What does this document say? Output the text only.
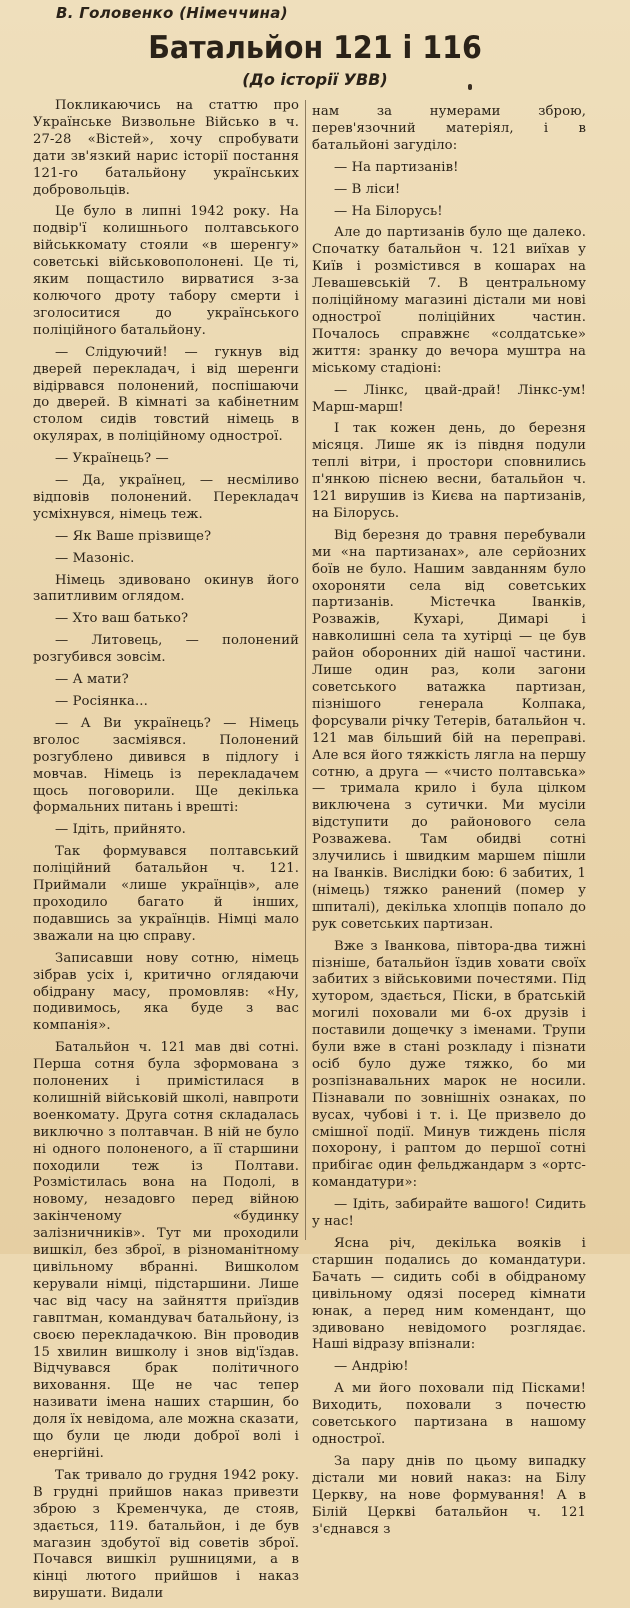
В. Головенко (Німеччина)
Батальйон 121 і 116
(До історії УВВ)

Покликаючись на статтю про Українське Визвольне Військо в ч. 27-28 «Вістей», хочу спробувати дати зв'язкий нарис історії постання 121-го батальйону українських добровольців.

Це було в липні 1942 року. На подвір'ї колишнього полтавського військкомату стояли «в шеренгу» советські військовополонені. Це ті, яким пощастило вирватися з-за колючого дроту табору смерти і зголоситися до українського поліційного батальйону.

— Слідуючий! — гукнув від дверей перекладач, і від шеренги відірвався полонений, поспішаючи до дверей. В кімнаті за кабінетним столом сидів товстий німець в окулярах, в поліційному однострої.

— Українець? —

— Да, українец, — несміливо відповів полонений. Перекладач усміхнувся, німець теж.

— Як Ваше прізвище?

— Мазоніс.

Німець здивовано окинув його запитливим оглядом.

— Хто ваш батько?

— Литовець, — полонений розгубився зовсім.

— А мати?

— Росіянка...

— А Ви українець? — Німець вголос засміявся. Полонений розгублено дивився в підлогу і мовчав. Німець із перекладачем щось поговорили. Ще декілька формальних питань і врешті:

— Ідіть, прийнято.

Так формувався полтавський поліційний батальйон ч. 121. Приймали «лише українців», але проходило багато й інших, подавшись за українців. Німці мало зважали на цю справу.

Записавши нову сотню, німець зібрав усіх і, критично оглядаючи обідрану масу, промовляв: «Ну, подивимось, яка буде з вас компанія».

Батальйон ч. 121 мав дві сотні. Перша сотня була зформована з полонених і примістилася в колишній військовій школі, навпроти военкомату. Друга сотня складалась виключно з полтавчан. В ній не було ні одного полоненого, а її старшини походили теж із Полтави. Розмістилась вона на Подолі, в новому, незадовго перед війною закінченому «будинку залізничників». Тут ми проходили вишкіл, без зброї, в різноманітному цивільному вбранні. Вишколом керували німці, підстаршини. Лише час від часу на зайняття приїздив гавптман, командувач батальйону, із своєю перекладачкою. Він проводив 15 хвилин вишколу і знов від'їздав. Відчувався брак політичного виховання. Ще не час тепер називати імена наших старшин, бо доля їх невідома, але можна сказати, що були це люди доброї волі і енергійні.

Так тривало до грудня 1942 року. В грудні прийшов наказ привезти зброю з Кременчука, де стояв, здається, 119. батальйон, і де був магазин здобутої від советів зброї. Почався вишкіл рушницями, а в кінці лютого прийшов і наказ вирушати. Видали

нам за нумерами зброю, перев'язочний матеріял, і в батальйоні загуділо:

— На партизанів!

— В ліси!

— На Білорусь!

Але до партизанів було ще далеко. Спочатку батальйон ч. 121 виїхав у Київ і розмістився в кошарах на Левашевській 7. В центральному поліційному магазині дістали ми нові однострої поліційних частин. Почалось справжнє «солдатське» життя: зранку до вечора муштра на міському стадіоні:

— Лінкс, цвай-драй! Лінкс-ум! Марш-марш!

І так кожен день, до березня місяця. Лише як із півдня подули теплі вітри, і простори сповнились п'янкою піснею весни, батальйон ч. 121 вирушив із Києва на партизанів, на Білорусь.

Від березня до травня перебували ми «на партизанах», але серйозних боїв не було. Нашим завданням було охороняти села від советських партизанів. Містечка Іванків, Розважів, Кухарі, Димарі і навколишні села та хутірці — це був район оборонних дій нашої частини. Лише один раз, коли загони советського ватажка партизан, пізнішого генерала Колпака, форсували річку Тетерів, батальйон ч. 121 мав більший бій на переправі. Але вся його тяжкість лягла на першу сотню, а друга — «чисто полтавська» — тримала крило і була цілком виключена з сутички. Ми мусіли відступити до районового села Розважева. Там обидві сотні злучились і швидким маршем пішли на Іванків. Вислідки бою: 6 забитих, 1 (німець) тяжко ранений (помер у шпиталі), декілька хлопців попало до рук советських партизан.

Вже з Іванкова, півтора-два тижні пізніше, батальйон їздив ховати своїх забитих з військовими почестями. Під хутором, здається, Піски, в братській могилі поховали ми 6-ох друзів і поставили дощечку з іменами. Трупи були вже в стані розкладу і пізнати осіб було дуже тяжко, бо ми розпізнавальних марок не носили. Пізнавали по зовнішніх ознаках, по вусах, чубові і т. і. Це призвело до смішної події. Минув тиждень після похорону, і раптом до першої сотні прибігає один фельджандарм з «ортс-командатури»:

— Ідіть, забирайте вашого! Сидить у нас!

Ясна річ, декілька вояків і старшин подались до командатури. Бачать — сидить собі в обідраному цивільному одязі посеред кімнати юнак, а перед ним комендант, що здивовано невідомого розглядає. Наші відразу впізнали:

— Андрію!

А ми його поховали під Пісками! Виходить, поховали з почестю советського партизана в нашому однострої.

За пару днів по цьому випадку дістали ми новий наказ: на Білу Церкву, на нове формування! А в Білій Церкві батальйон ч. 121 з'єднався з
